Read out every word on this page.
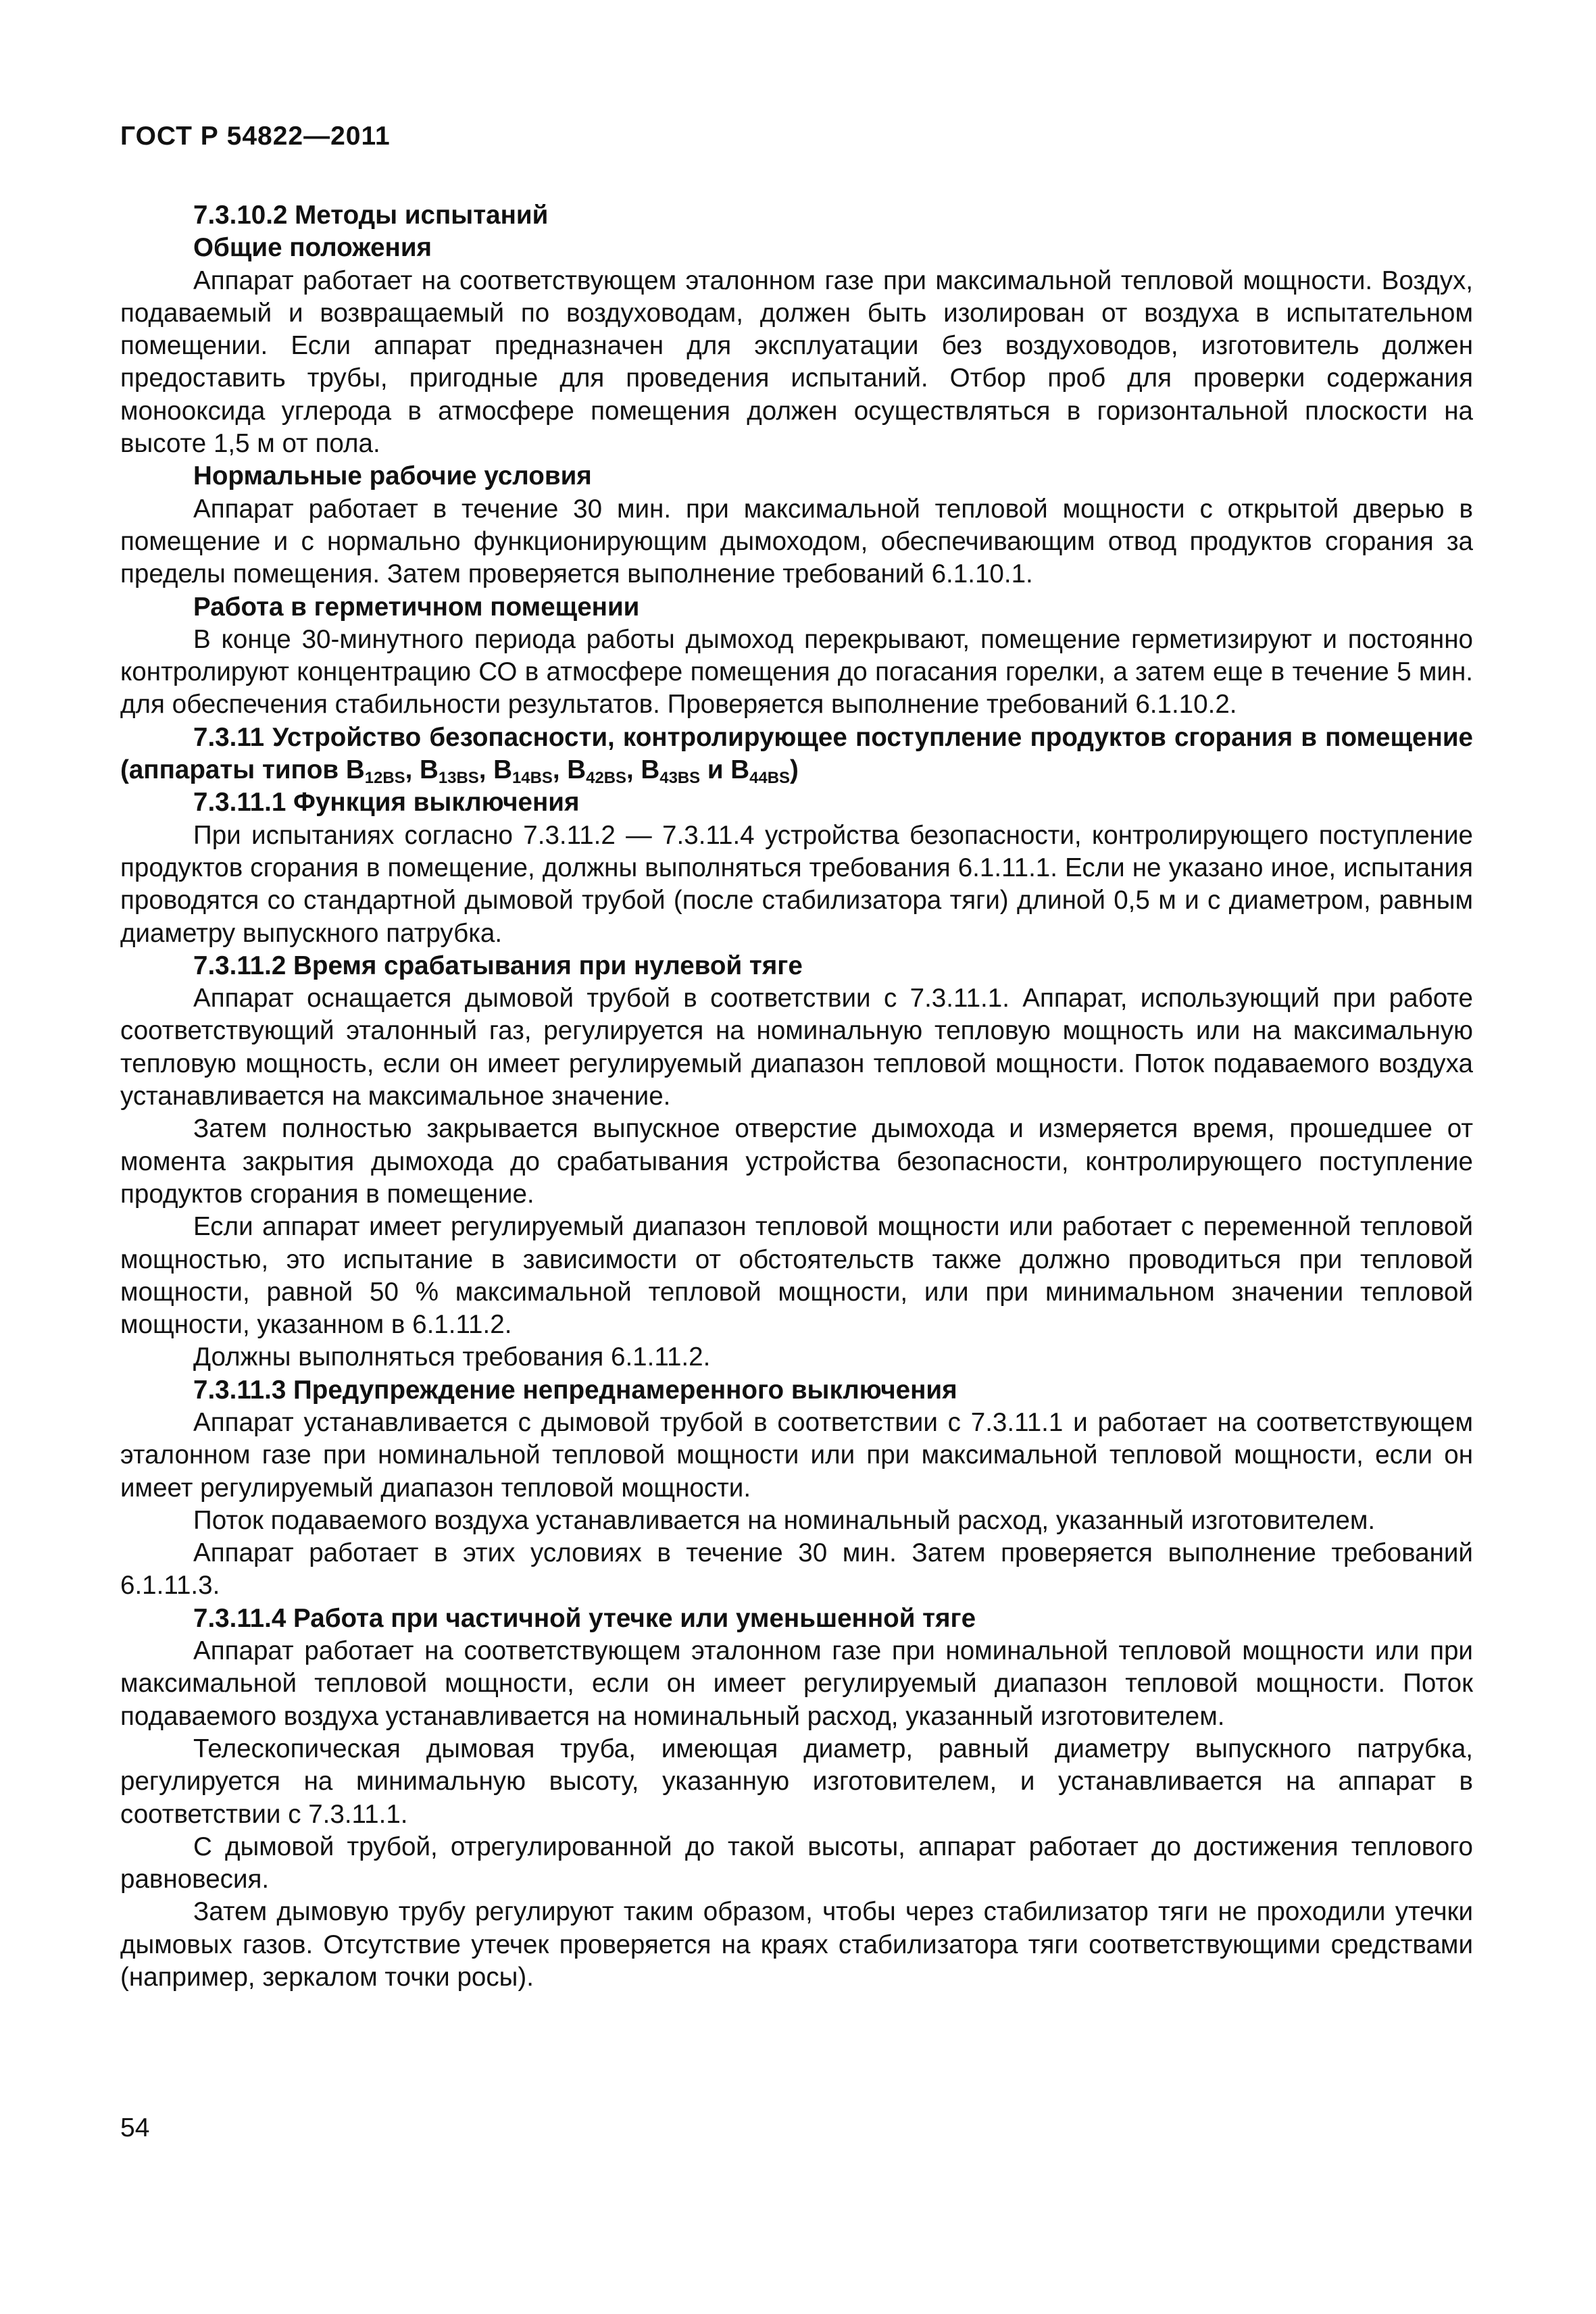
ГОСТ Р 54822—2011

7.3.10.2 Методы испытаний

Общие положения

Аппарат работает на соответствующем эталонном газе при максимальной тепловой мощности. Воздух, подаваемый и возвращаемый по воздуховодам, должен быть изолирован от воздуха в испытательном помещении. Если аппарат предназначен для эксплуатации без воздуховодов, изготовитель должен предоставить трубы, пригодные для проведения испытаний. Отбор проб для проверки содержания монооксида углерода в атмосфере помещения должен осуществляться в горизонтальной плоскости на высоте 1,5 м от пола.

Нормальные рабочие условия

Аппарат работает в течение 30 мин. при максимальной тепловой мощности с открытой дверью в помещение и с нормально функционирующим дымоходом, обеспечивающим отвод продуктов сгорания за пределы помещения. Затем проверяется выполнение требований 6.1.10.1.

Работа в герметичном помещении

В конце 30-минутного периода работы дымоход перекрывают, помещение герметизируют и постоянно контролируют концентрацию СО в атмосфере помещения до погасания горелки, а затем еще в течение 5 мин. для обеспечения стабильности результатов. Проверяется выполнение требований 6.1.10.2.

7.3.11 Устройство безопасности, контролирующее поступление продуктов сгорания в помещение (аппараты типов $B_{12BS}$, $B_{13BS}$, $B_{14BS}$, $B_{42BS}$, $B_{43BS}$ и $B_{44BS}$)

7.3.11.1 Функция выключения

При испытаниях согласно 7.3.11.2 — 7.3.11.4 устройства безопасности, контролирующего поступление продуктов сгорания в помещение, должны выполняться требования 6.1.11.1. Если не указано иное, испытания проводятся со стандартной дымовой трубой (после стабилизатора тяги) длиной 0,5 м и с диаметром, равным диаметру выпускного патрубка.

7.3.11.2 Время срабатывания при нулевой тяге

Аппарат оснащается дымовой трубой в соответствии с 7.3.11.1. Аппарат, использующий при работе соответствующий эталонный газ, регулируется на номинальную тепловую мощность или на максимальную тепловую мощность, если он имеет регулируемый диапазон тепловой мощности. Поток подаваемого воздуха устанавливается на максимальное значение.

Затем полностью закрывается выпускное отверстие дымохода и измеряется время, прошедшее от момента закрытия дымохода до срабатывания устройства безопасности, контролирующего поступление продуктов сгорания в помещение.

Если аппарат имеет регулируемый диапазон тепловой мощности или работает с переменной тепловой мощностью, это испытание в зависимости от обстоятельств также должно проводиться при тепловой мощности, равной 50 % максимальной тепловой мощности, или при минимальном значении тепловой мощности, указанном в 6.1.11.2.

Должны выполняться требования 6.1.11.2.

7.3.11.3 Предупреждение непреднамеренного выключения

Аппарат устанавливается с дымовой трубой в соответствии с 7.3.11.1 и работает на соответствующем эталонном газе при номинальной тепловой мощности или при максимальной тепловой мощности, если он имеет регулируемый диапазон тепловой мощности.

Поток подаваемого воздуха устанавливается на номинальный расход, указанный изготовителем.

Аппарат работает в этих условиях в течение 30 мин. Затем проверяется выполнение требований 6.1.11.3.

7.3.11.4 Работа при частичной утечке или уменьшенной тяге

Аппарат работает на соответствующем эталонном газе при номинальной тепловой мощности или при максимальной тепловой мощности, если он имеет регулируемый диапазон тепловой мощности. Поток подаваемого воздуха устанавливается на номинальный расход, указанный изготовителем.

Телескопическая дымовая труба, имеющая диаметр, равный диаметру выпускного патрубка, регулируется на минимальную высоту, указанную изготовителем, и устанавливается на аппарат в соответствии с 7.3.11.1.

С дымовой трубой, отрегулированной до такой высоты, аппарат работает до достижения теплового равновесия.

Затем дымовую трубу регулируют таким образом, чтобы через стабилизатор тяги не проходили утечки дымовых газов. Отсутствие утечек проверяется на краях стабилизатора тяги соответствующими средствами (например, зеркалом точки росы).

54
